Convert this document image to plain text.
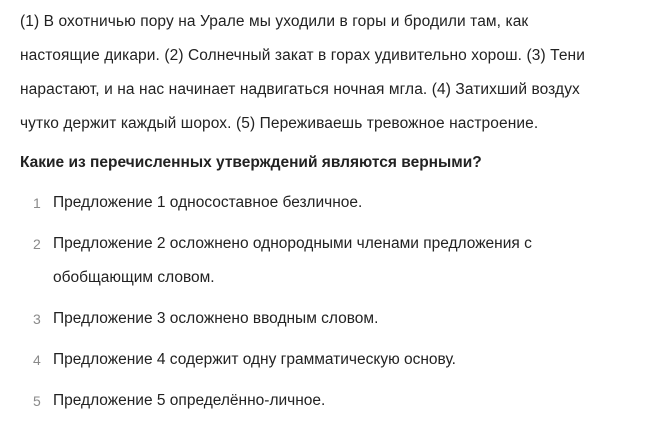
(1) В охотничью пору на Урале мы уходили в горы и бродили там, как
настоящие дикари. (2) Солнечный закат в горах удивительно хорош. (3) Тени
нарастают, и на нас начинает надвигаться ночная мгла. (4) Затихший воздух
чутко держит каждый шорох. (5) Переживаешь тревожное настроение.

Какие из перечисленных утверждений являются верными?

1 Предложение 1 односоставное безличное.
2 Предложение 2 осложнено однородными членами предложения с
обобщающим словом.
3 Предложение 3 осложнено вводным словом.
4 Предложение 4 содержит одну грамматическую основу.
5 Предложение 5 определённо-личное.
